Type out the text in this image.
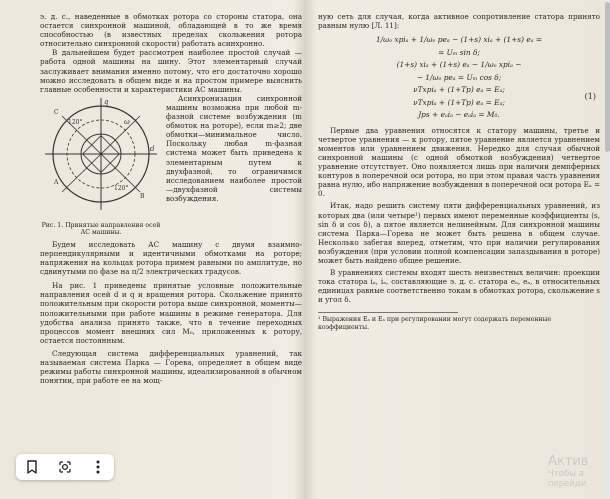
э. д. с., наведенные в обмотках ротора со стороны статора, она остается синхронной машиной, обладающей в то же время способностью (в известных пределах скольжения ротора относительно синхронной скорости) работать асинхронно.

В дальнейшем будет рассмотрен наиболее простой случай — работа одной машины на шину. Этот элементарный случай заслуживает внимания именно потому, что его достаточно хорошо можно исследовать в общем виде и на простом примере выяснить главные особенности и характеристики АС машины.

q
d
120°
120°
ω
A
B
C
Рис. 1. Принятые направления осей АС машины.

Асинхронизация синхронной машины возможна при любой m-фазной системе возбуждения (m обмоток на роторе), если m≥2; две обмотки—минимальное число. Поскольку любая m-фазная система может быть приведена к элементарным путем к двухфазной, то ограничимся исследованием наиболее простой—двухфазной системы возбуждения.

Будем исследовать АС машину с двумя взаимно-перпендикулярными и идентичными обмотками на роторе; напряжения на кольцах ротора примем равными по амплитуде, но сдвинутыми по фазе на π/2 электрических градусов.

На рис. 1 приведены принятые условные положительные направления осей d и q и вращения ротора. Скольжение принято положительным при скорости ротора выше синхронной, моменты—положительными при работе машины в режиме генератора. Для удобства анализа принято также, что в течение переходных процессов момент внешних сил M₀, приложенных к ротору, остается постоянным.

Следующая система дифференциальных уравнений, так называемая система Парка — Горева, определяет в общем виде режимы работы синхронной машины, идеализированной в обычном понятии, при работе ее на мощ-

ную сеть для случая, когда активное сопротивление статора принято равным нулю [Л. 11]:

1/ωₒ xpiₐ + 1/ωₒ peₐ − (1+s) xiₐ + (1+s) eₐ =
= Uₘ sin δ;
(1+s) xiₐ + (1+s) eₐ − 1/ωₒ xpiₐ −
− 1/ωₒ peₐ = Uₘ cos δ;
νTxpiₐ + (1+Tp) eₐ = Eₐ;
νTxpiₐ + (1+Tp) eₐ = Eₐ;
Jps + eₐiₐ − eₐiₐ = M₀.
(1)

Первые два уравнения относятся к статору машины, третье и четвертое уравнения — к ротору, пятое уравнение является уравнением моментов или уравнением движения. Нередко для случая обычной синхронной машины (с одной обмоткой возбуждения) четвертое уравнение отсутствует. Оно появляется лишь при наличии демпферных контуров в поперечной оси ротора, но при этом правая часть уравнения равна нулю, ибо напряжение возбуждения в поперечной оси ротора Eₐ = 0.

Итак, надо решить систему пяти дифференциальных уравнений, из которых два (или четыре¹) первых имеют переменные коэффициенты (s, sin δ и cos δ), а пятое является нелинейным. Для синхронной машины система Парка—Горева не может быть решена в общем случае. Несколько забегая вперед, отметим, что при наличии регулирования возбуждения (при условии полной компенсации запаздывания в роторе) может быть найдено общее решение.

В уравнениях системы входят шесть неизвестных величин: проекции тока статора iₐ, iₐ, составляющие э. д. с. статора eₐ, eₐ, в относительных единицах равные соответственно токам в обмотках ротора, скольжение s и угол δ.

¹ Выражения Eₐ и Eₐ при регулировании могут содержать переменные коэффициенты.
Актив
Чтобы а
перейди
